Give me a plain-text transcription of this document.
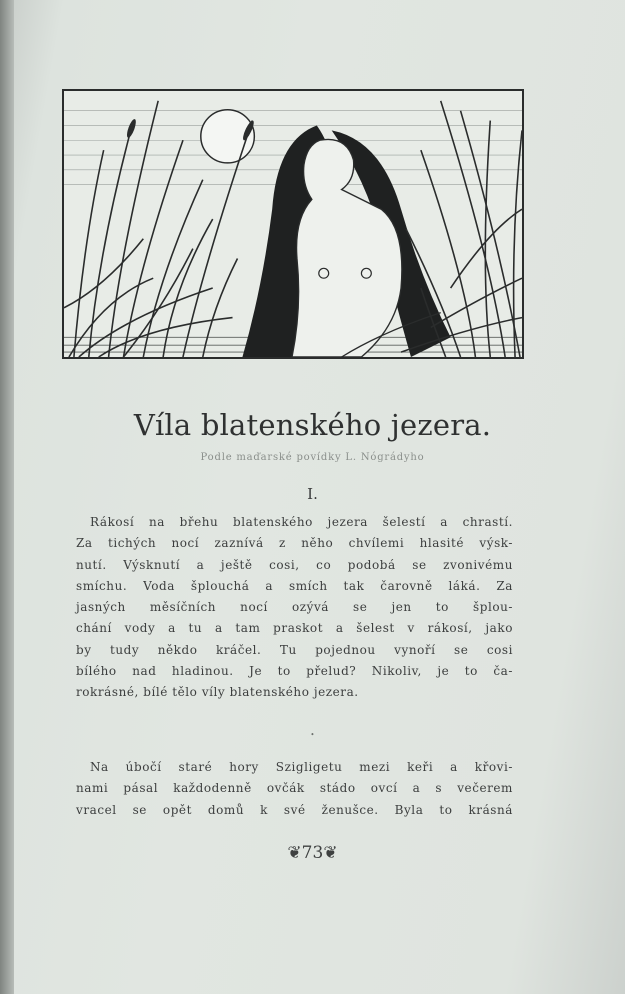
Víla blatenského jezera.
Podle maďarské povídky L. Nógrádyho
I.
Rákosí na břehu blatenského jezera šelestí a chrastí.
Za tichých nocí zaznívá z něho chvílemi hlasité výsk-
nutí. Výsknutí a ještě cosi, co podobá se zvonivému
smíchu. Voda šplouchá a smích tak čarovně láká. Za
jasných měsíčních nocí ozývá se jen to šplou-
chání vody a tu a tam praskot a šelest v rákosí, jako
by tudy někdo kráčel. Tu pojednou vynoří se cosi
bílého nad hladinou. Je to přelud? Nikoliv, je to ča-
rokrásné, bílé tělo víly blatenského jezera.
•
Na úbočí staré hory Szigligetu mezi keři a křovi-
nami pásal každodenně ovčák stádo ovcí a s večerem
vracel se opět domů k své ženušce. Byla to krásná
❦73❦
